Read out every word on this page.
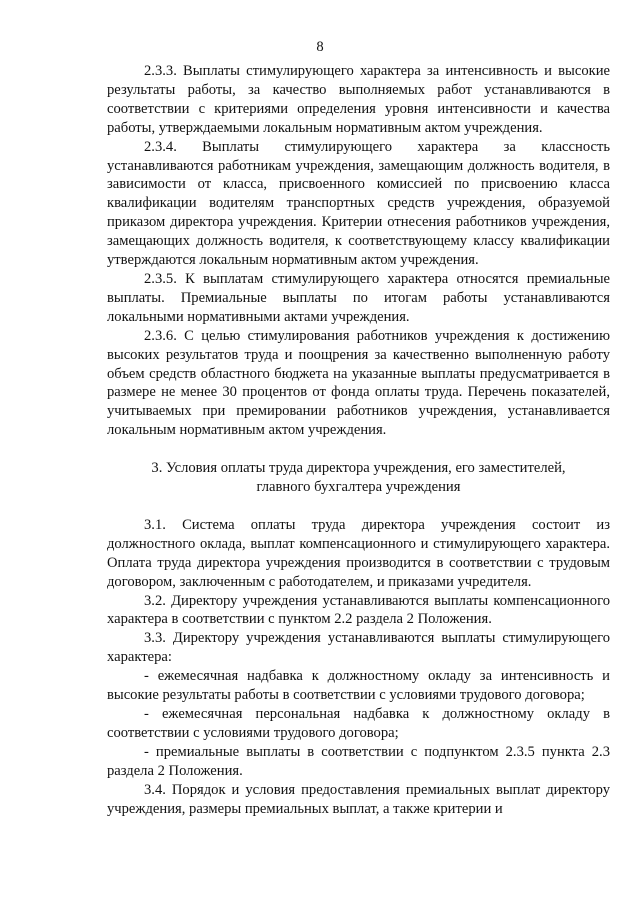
8

2.3.3. Выплаты стимулирующего характера за интенсивность и высокие результаты работы, за качество выполняемых работ устанавливаются в соответствии с критериями определения уровня интенсивности и качества работы, утверждаемыми локальным нормативным актом учреждения.

2.3.4. Выплаты стимулирующего характера за классность устанавливаются работникам учреждения, замещающим должность водителя, в зависимости от класса, присвоенного комиссией по присвоению класса квалификации водителям транспортных средств учреждения, образуемой приказом директора учреждения. Критерии отнесения работников учреждения, замещающих должность водителя, к соответствующему классу квалификации утверждаются локальным нормативным актом учреждения.

2.3.5. К выплатам стимулирующего характера относятся премиальные выплаты. Премиальные выплаты по итогам работы устанавливаются локальными нормативными актами учреждения.

2.3.6. С целью стимулирования работников учреждения к достижению высоких результатов труда и поощрения за качественно выполненную работу объем средств областного бюджета на указанные выплаты предусматривается в размере не менее 30 процентов от фонда оплаты труда. Перечень показателей, учитываемых при премировании работников учреждения, устанавливается локальным нормативным актом учреждения.

3. Условия оплаты труда директора учреждения, его заместителей,
главного бухгалтера учреждения

3.1. Система оплаты труда директора учреждения состоит из должностного оклада, выплат компенсационного и стимулирующего характера. Оплата труда директора учреждения производится в соответствии с трудовым договором, заключенным с работодателем, и приказами учредителя.

3.2. Директору учреждения устанавливаются выплаты компенсационного характера в соответствии с пунктом 2.2 раздела 2 Положения.

3.3. Директору учреждения устанавливаются выплаты стимулирующего характера:

- ежемесячная надбавка к должностному окладу за интенсивность и высокие результаты работы в соответствии с условиями трудового договора;

- ежемесячная персональная надбавка к должностному окладу в соответствии с условиями трудового договора;

- премиальные выплаты в соответствии с подпунктом 2.3.5 пункта 2.3 раздела 2 Положения.

3.4. Порядок и условия предоставления премиальных выплат директору учреждения, размеры премиальных выплат, а также критерии и
